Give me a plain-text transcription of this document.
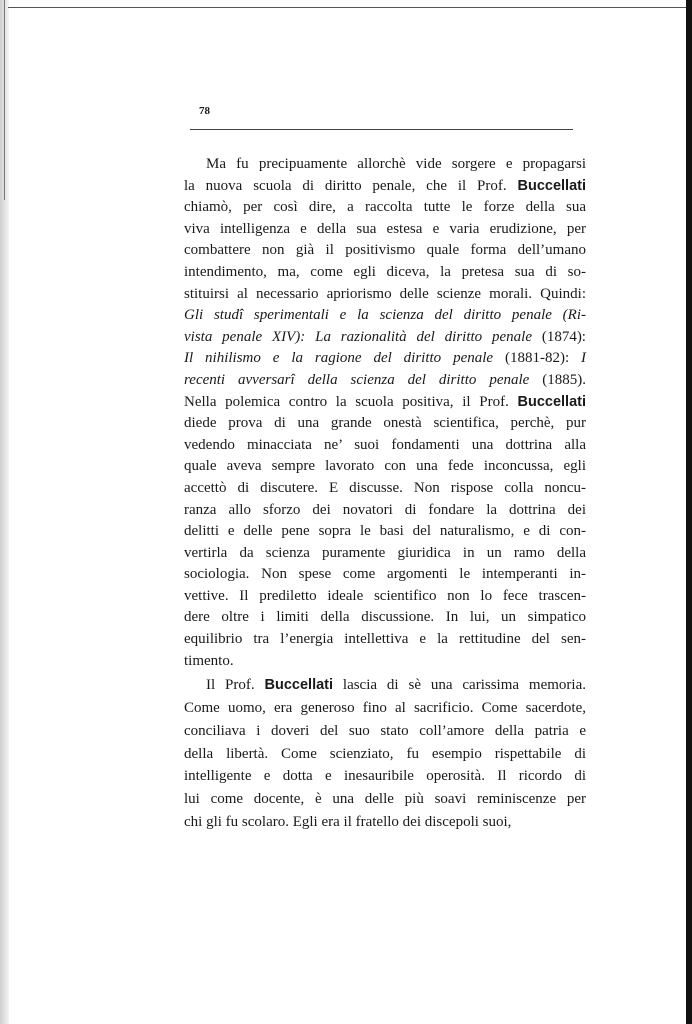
78
Ma fu precipuamente allorchè vide sorgere e propagarsi
la nuova scuola di diritto penale, che il Prof. Buccellati
chiamò, per così dire, a raccolta tutte le forze della sua
viva intelligenza e della sua estesa e varia erudizione, per
combattere non già il positivismo quale forma dell’umano
intendimento, ma, come egli diceva, la pretesa sua di so-
stituirsi al necessario apriorismo delle scienze morali. Quindi:
Gli studî sperimentali e la scienza del diritto penale (Ri-
vista penale XIV): La razionalità del diritto penale (1874):
Il nihilismo e la ragione del diritto penale (1881-82): I
recenti avversarî della scienza del diritto penale (1885).
Nella polemica contro la scuola positiva, il Prof. Buccellati
diede prova di una grande onestà scientifica, perchè, pur
vedendo minacciata ne’ suoi fondamenti una dottrina alla
quale aveva sempre lavorato con una fede inconcussa, egli
accettò di discutere. E discusse. Non rispose colla noncu-
ranza allo sforzo dei novatori di fondare la dottrina dei
delitti e delle pene sopra le basi del naturalismo, e di con-
vertirla da scienza puramente giuridica in un ramo della
sociologia. Non spese come argomenti le intemperanti in-
vettive. Il prediletto ideale scientifico non lo fece trascen-
dere oltre i limiti della discussione. In lui, un simpatico
equilibrio tra l’energia intellettiva e la rettitudine del sen-
timento.
Il Prof. Buccellati lascia di sè una carissima memoria.
Come uomo, era generoso fino al sacrificio. Come sacerdote,
conciliava i doveri del suo stato coll’amore della patria e
della libertà. Come scienziato, fu esempio rispettabile di
intelligente e dotta e inesauribile operosità. Il ricordo di
lui come docente, è una delle più soavi reminiscenze per
chi gli fu scolaro. Egli era il fratello dei discepoli suoi,
